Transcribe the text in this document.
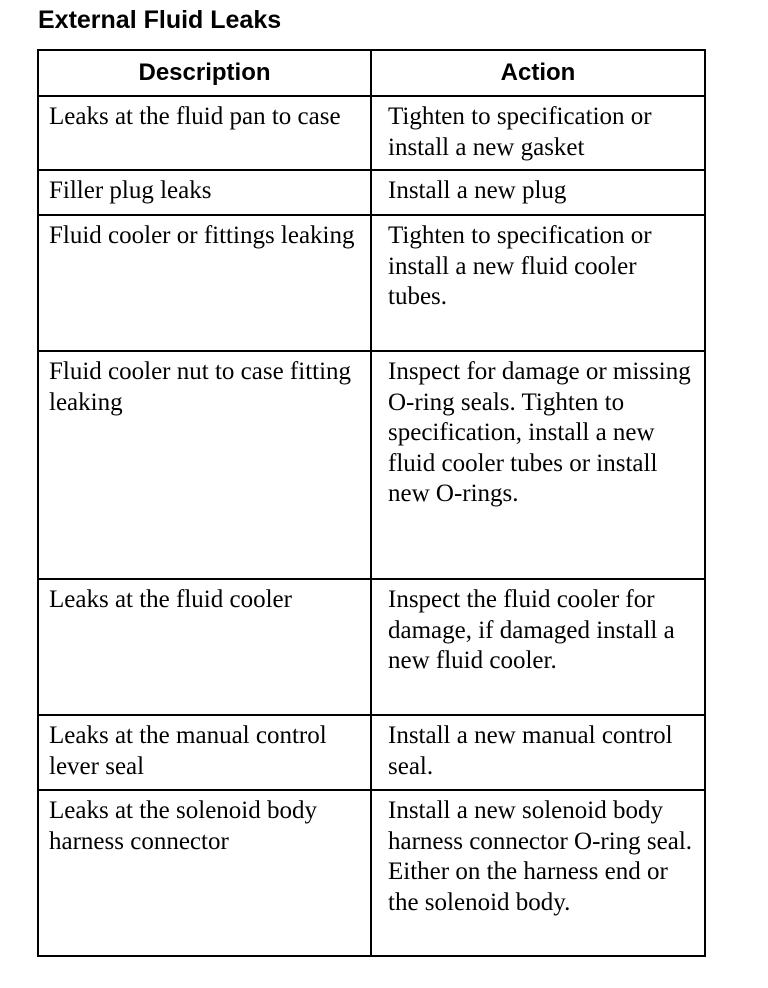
External Fluid Leaks
Description	Action
Leaks at the fluid pan to case	Tighten to specification or install a new gasket
Filler plug leaks	Install a new plug
Fluid cooler or fittings leaking	Tighten to specification or install a new fluid cooler tubes.
Fluid cooler nut to case fitting leaking	Inspect for damage or missing O-ring seals. Tighten to specification, install a new fluid cooler tubes or install new O-rings.
Leaks at the fluid cooler	Inspect the fluid cooler for damage, if damaged install a new fluid cooler.
Leaks at the manual control lever seal	Install a new manual control seal.
Leaks at the solenoid body harness connector	Install a new solenoid body harness connector O-ring seal. Either on the harness end or the solenoid body.
